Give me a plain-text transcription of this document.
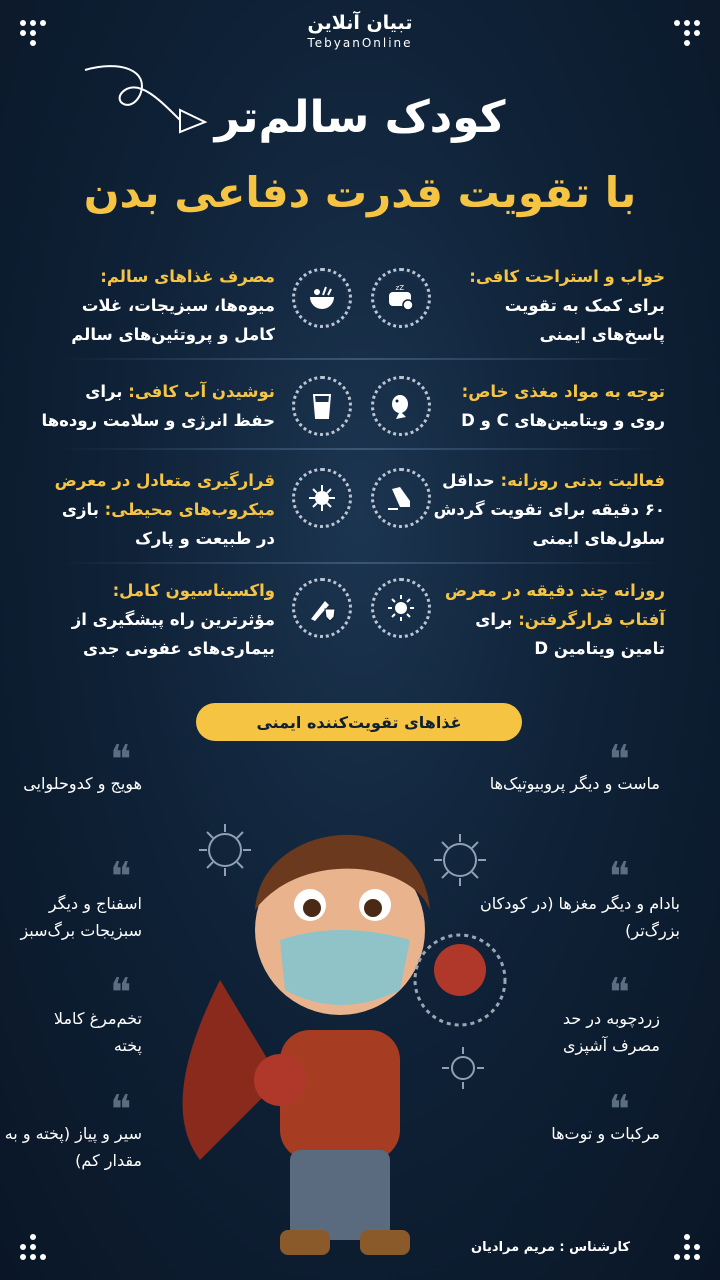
تبیان آنلاین
TebyanOnline
کودک سالم‌تر
با تقویت قدرت دفاعی بدن
خواب و استراحت کافی: برای کمک به تقویت پاسخ‌های ایمنی
zZ
مصرف غذاهای سالم: میوه‌ها، سبزیجات، غلات کامل و پروتئین‌های سالم
توجه به مواد مغذی خاص: روی و ویتامین‌های C و D
نوشیدن آب کافی: برای حفظ انرژی و سلامت روده‌ها
فعالیت بدنی روزانه: حداقل ۶۰ دقیقه برای تقویت گردش سلول‌های ایمنی
قرارگیری متعادل در معرض میکروب‌های محیطی: بازی در طبیعت و پارک
روزانه چند دقیقه در معرض آفتاب قرارگرفتن: برای تامین ویتامین D
واکسیناسیون کامل: مؤثرترین راه پیشگیری از بیماری‌های عفونی جدی
غذاهای تقویت‌کننده ایمنی
❝
ماست و دیگر پروبیوتیک‌ها
❝
هویج و کدوحلوایی
❝
بادام و دیگر مغزها (در کودکان بزرگ‌تر)
❝
اسفناج و دیگر سبزیجات برگ‌سبز
❝
زردچوبه در حد مصرف آشپزی
❝
تخم‌مرغ کاملا پخته
❝
مرکبات و توت‌ها
❝
سیر و پیاز (پخته و به مقدار کم)
کارشناس : مریم مرادیان
